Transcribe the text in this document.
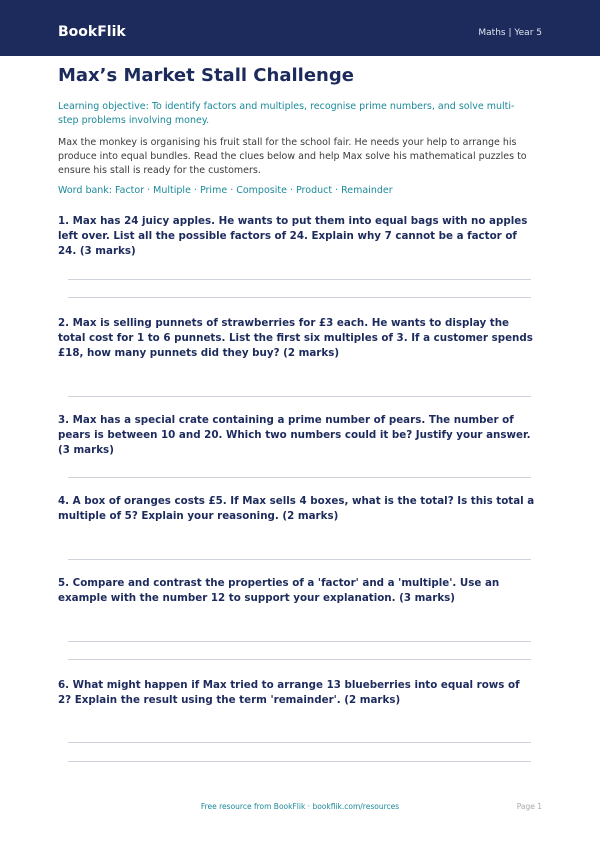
BookFlik	Maths | Year 5
Max’s Market Stall Challenge
Learning objective: To identify factors and multiples, recognise prime numbers, and solve multi-step problems involving money.
Max the monkey is organising his fruit stall for the school fair. He needs your help to arrange his produce into equal bundles. Read the clues below and help Max solve his mathematical puzzles to ensure his stall is ready for the customers.
Word bank: Factor · Multiple · Prime · Composite · Product · Remainder
1. Max has 24 juicy apples. He wants to put them into equal bags with no apples left over. List all the possible factors of 24. Explain why 7 cannot be a factor of 24. (3 marks)
2. Max is selling punnets of strawberries for £3 each. He wants to display the total cost for 1 to 6 punnets. List the first six multiples of 3. If a customer spends £18, how many punnets did they buy? (2 marks)
3. Max has a special crate containing a prime number of pears. The number of pears is between 10 and 20. Which two numbers could it be? Justify your answer. (3 marks)
4. A box of oranges costs £5. If Max sells 4 boxes, what is the total? Is this total a multiple of 5? Explain your reasoning. (2 marks)
5. Compare and contrast the properties of a 'factor' and a 'multiple'. Use an example with the number 12 to support your explanation. (3 marks)
6. What might happen if Max tried to arrange 13 blueberries into equal rows of 2? Explain the result using the term 'remainder'. (2 marks)
Free resource from BookFlik · bookflik.com/resources	Page 1
